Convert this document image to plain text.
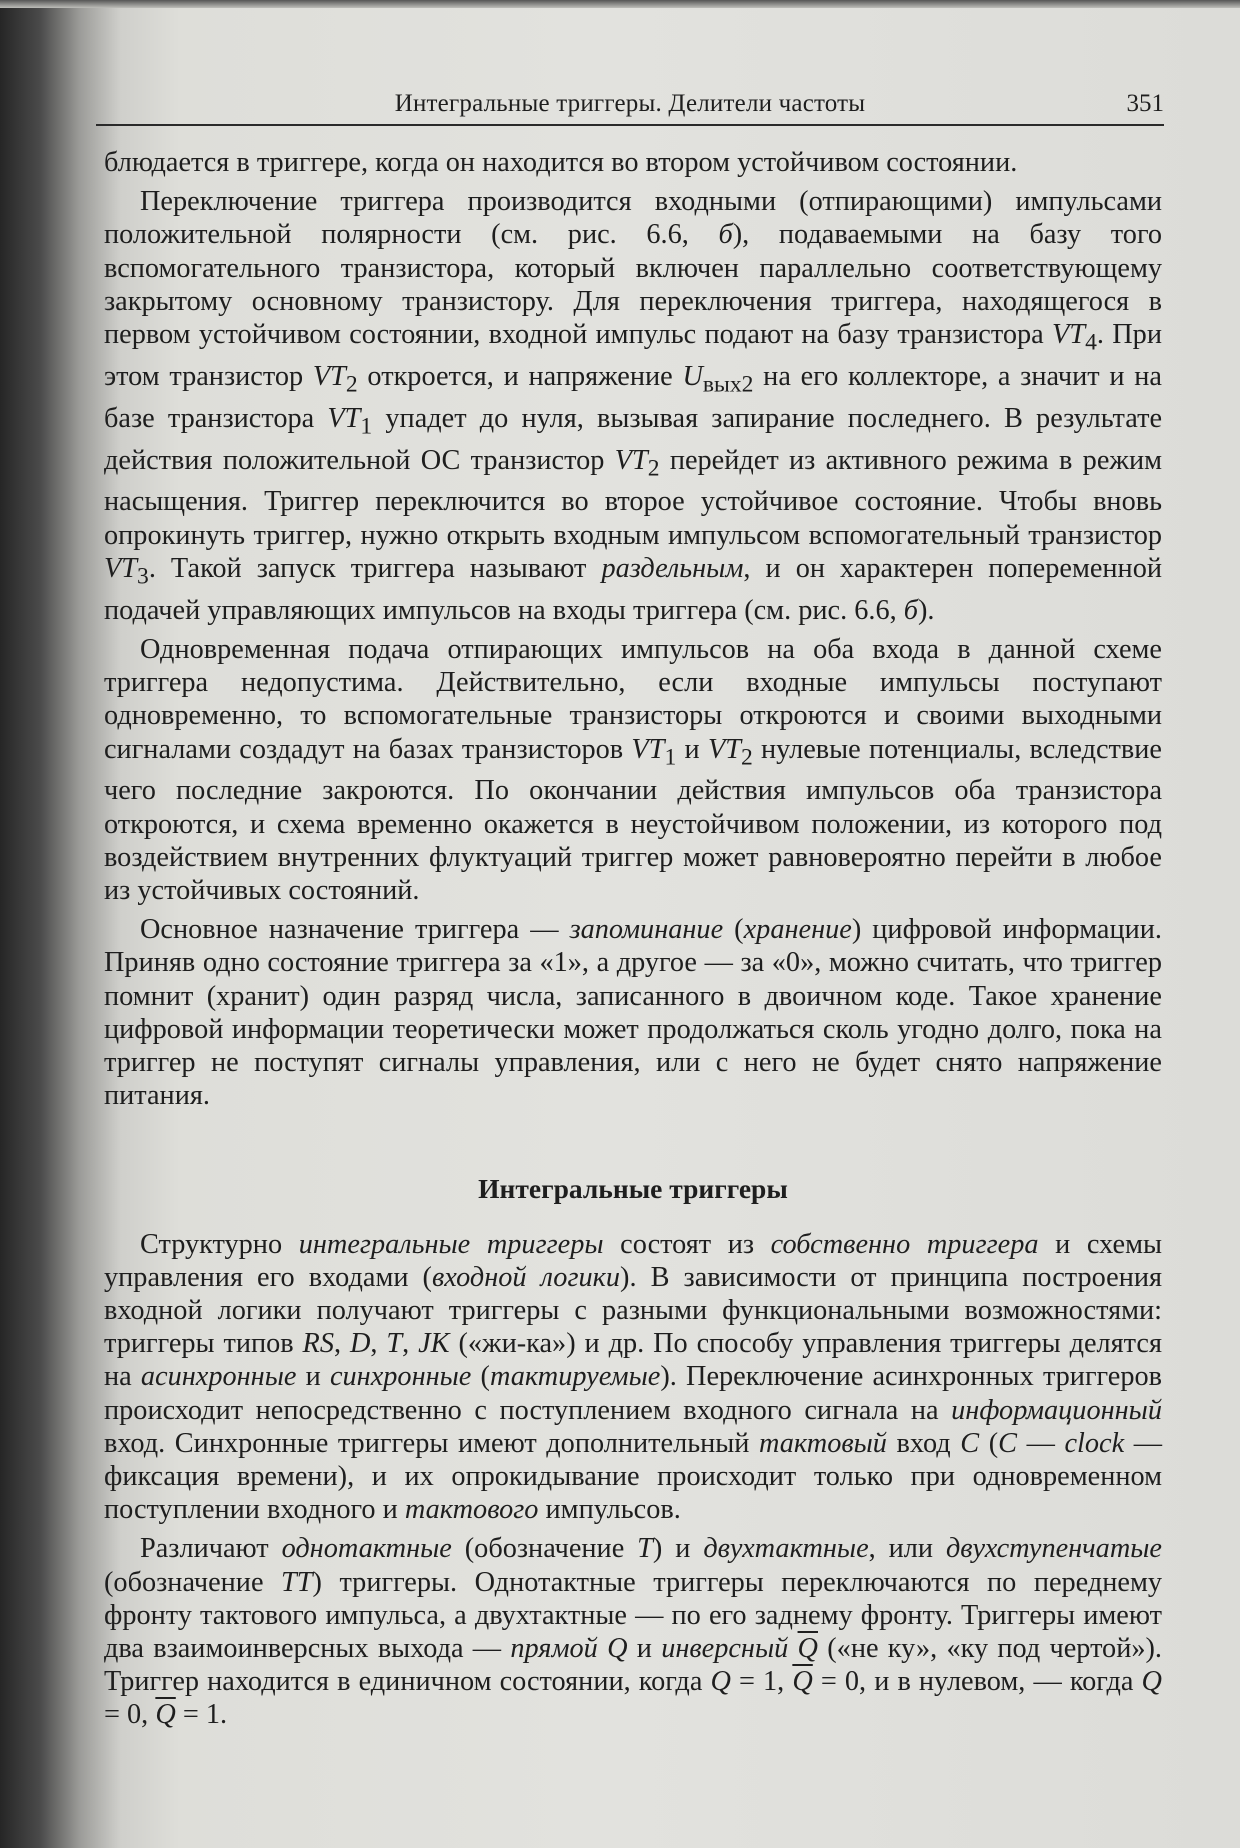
Интегральные триггеры. Делители частоты	351

блюдается в триггере, когда он находится во втором устойчивом состоянии.

Переключение триггера производится входными (отпирающими) импульсами положительной полярности (см. рис. 6.6, б), подаваемыми на базу того вспомогательного транзистора, который включен параллельно соответствующему закрытому основному транзистору. Для переключения триггера, находящегося в первом устойчивом состоянии, входной импульс подают на базу транзистора $VT_4$. При этом транзистор $VT_2$ откроется, и напряжение $U_{вых2}$ на его коллекторе, а значит и на базе транзистора $VT_1$ упадет до нуля, вызывая запирание последнего. В результате действия положительной ОС транзистор $VT_2$ перейдет из активного режима в режим насыщения. Триггер переключится во второе устойчивое состояние. Чтобы вновь опрокинуть триггер, нужно открыть входным импульсом вспомогательный транзистор $VT_3$. Такой запуск триггера называют раздельным, и он характерен попеременной подачей управляющих импульсов на входы триггера (см. рис. 6.6, б).

Одновременная подача отпирающих импульсов на оба входа в данной схеме триггера недопустима. Действительно, если входные импульсы поступают одновременно, то вспомогательные транзисторы откроются и своими выходными сигналами создадут на базах транзисторов $VT_1$ и $VT_2$ нулевые потенциалы, вследствие чего последние закроются. По окончании действия импульсов оба транзистора откроются, и схема временно окажется в неустойчивом положении, из которого под воздействием внутренних флуктуаций триггер может равновероятно перейти в любое из устойчивых состояний.

Основное назначение триггера — запоминание (хранение) цифровой информации. Приняв одно состояние триггера за «1», а другое — за «0», можно считать, что триггер помнит (хранит) один разряд числа, записанного в двоичном коде. Такое хранение цифровой информации теоретически может продолжаться сколь угодно долго, пока на триггер не поступят сигналы управления, или с него не будет снято напряжение питания.

Интегральные триггеры

Структурно интегральные триггеры состоят из собственно триггера и схемы управления его входами (входной логики). В зависимости от принципа построения входной логики получают триггеры с разными функциональными возможностями: триггеры типов RS, D, T, JK («жи-ка») и др. По способу управления триггеры делятся на асинхронные и синхронные (тактируемые). Переключение асинхронных триггеров происходит непосредственно с поступлением входного сигнала на информационный вход. Синхронные триггеры имеют дополнительный тактовый вход С (С — clock — фиксация времени), и их опрокидывание происходит только при одновременном поступлении входного и тактового импульсов.

Различают однотактные (обозначение Т) и двухтактные, или двухступенчатые (обозначение ТТ) триггеры. Однотактные триггеры переключаются по переднему фронту тактового импульса, а двухтактные — по его заднему фронту. Триггеры имеют два взаимоинверсных выхода — прямой Q и инверсный $\overline{Q}$ («не ку», «ку под чертой»). Триггер находится в единичном состоянии, когда Q = 1, $\overline{Q} = 0$, и в нулевом, — когда Q = 0, $\overline{Q} = 1$.
